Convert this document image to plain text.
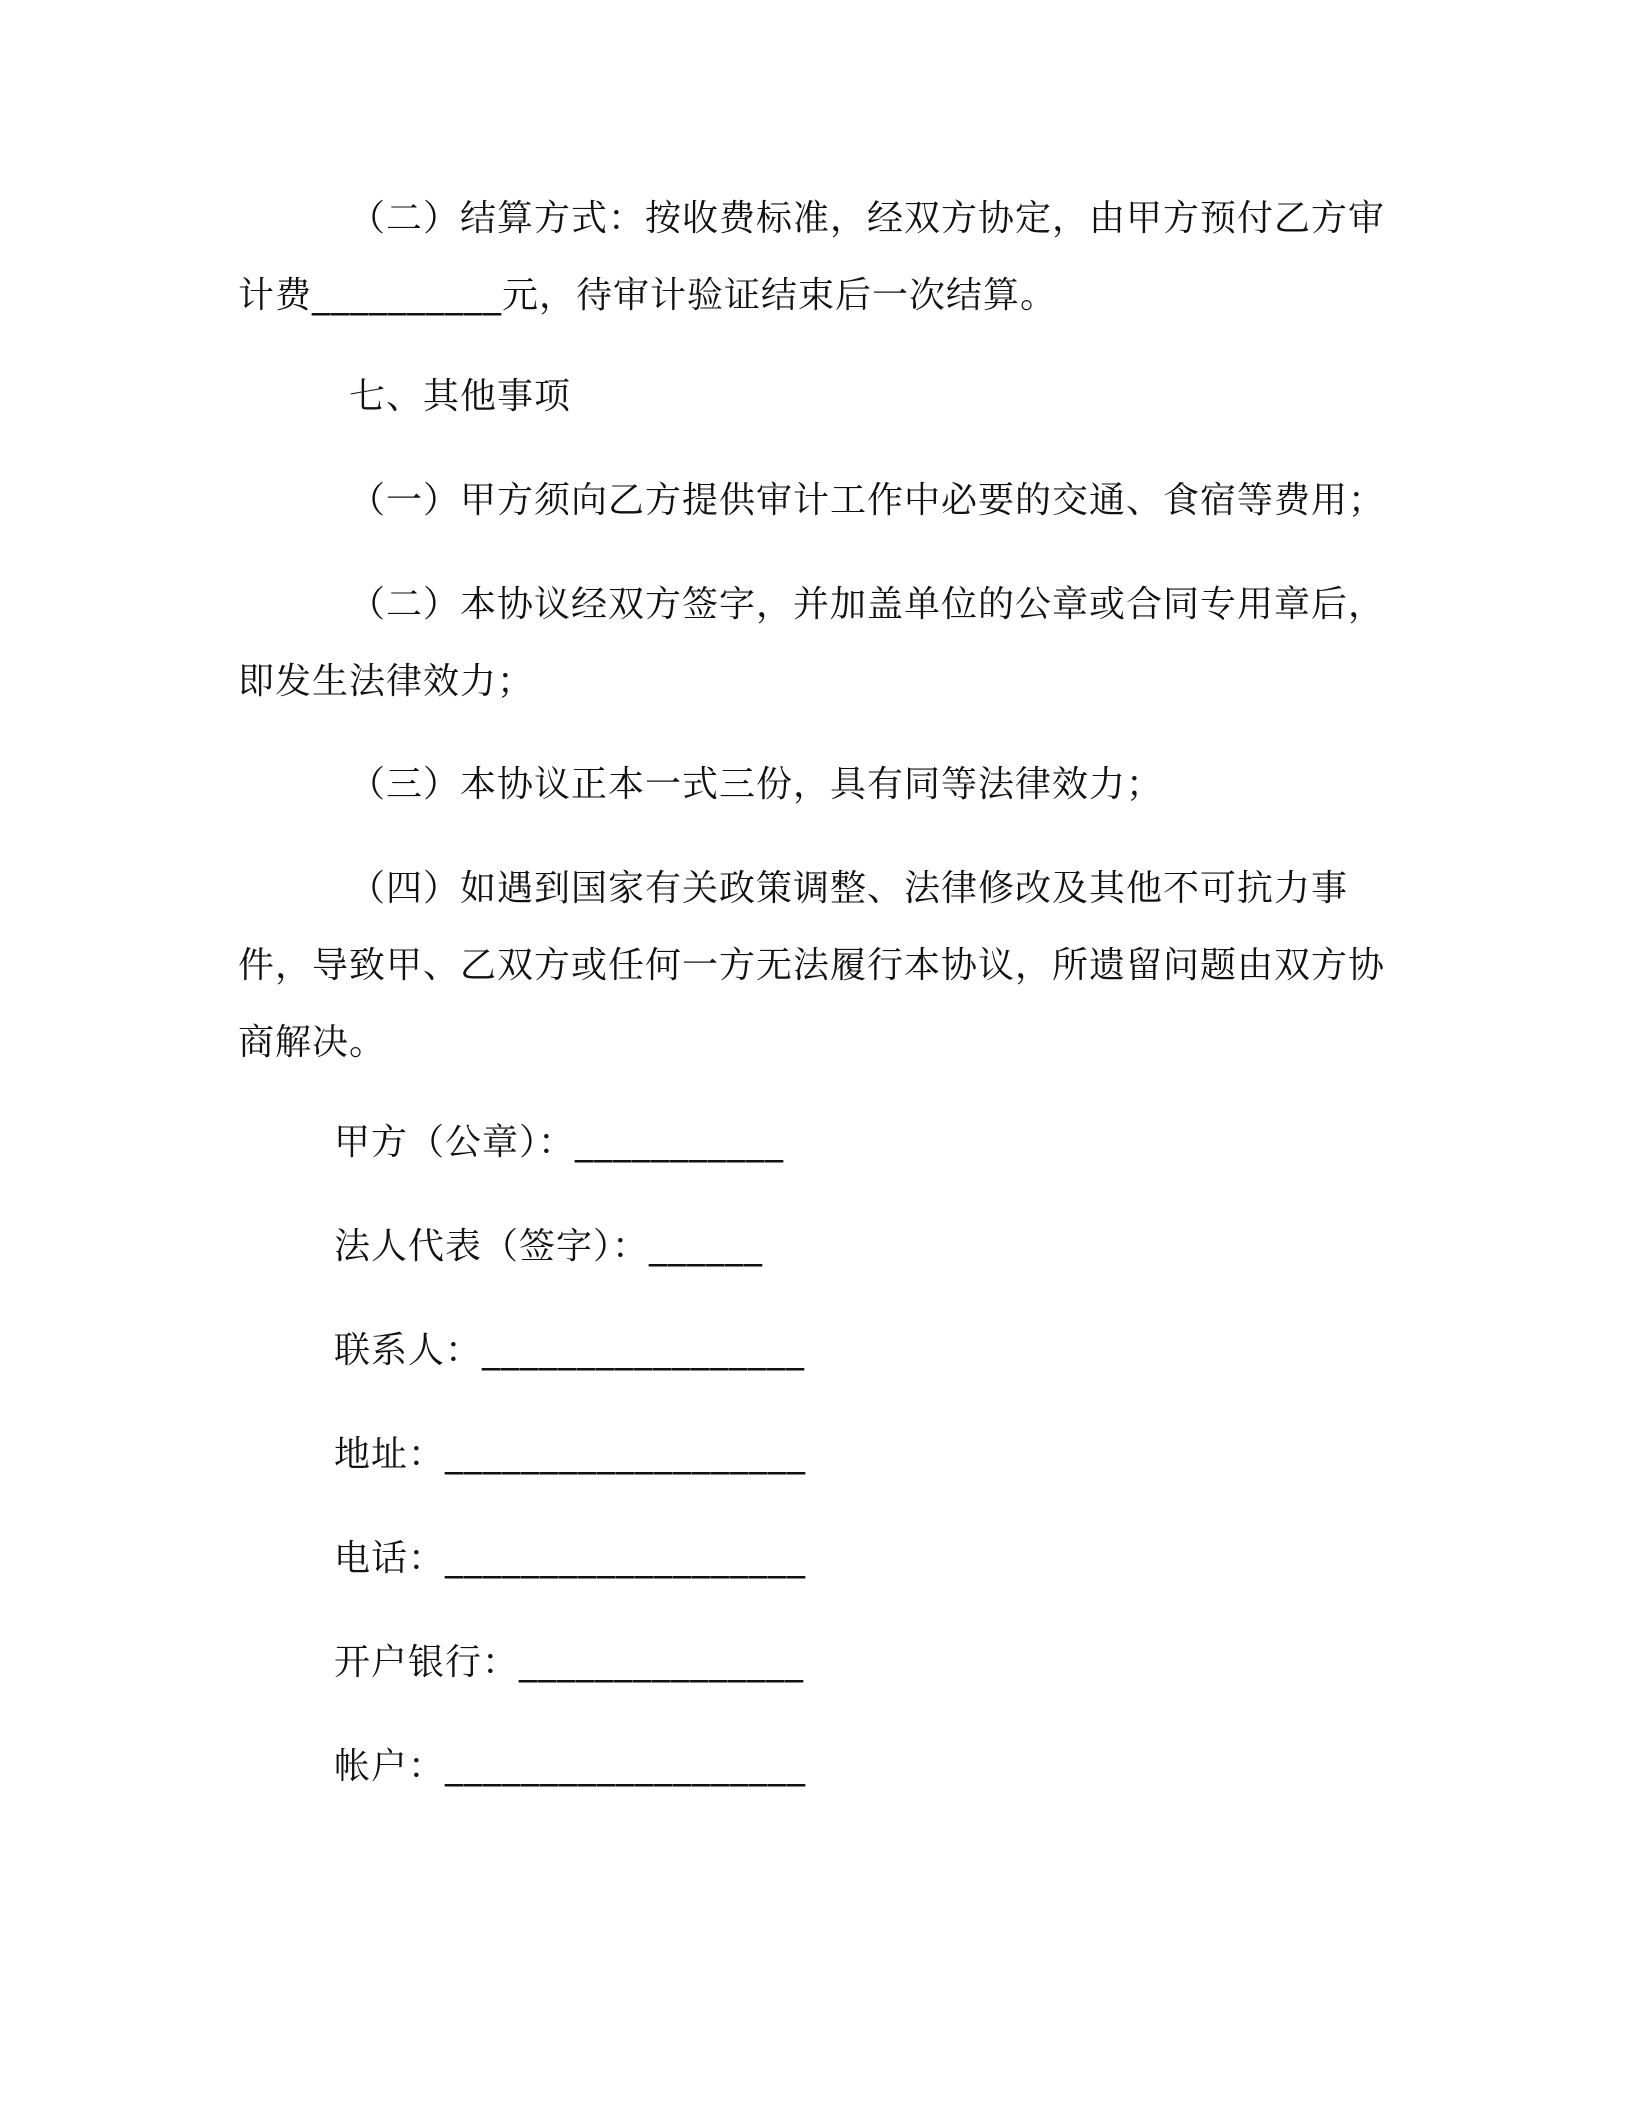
（二）结算方式：按收费标准，经双方协定，由甲方预付乙方审计费__________元，待审计验证结束后一次结算。

七、其他事项

（一）甲方须向乙方提供审计工作中必要的交通、食宿等费用；

（二）本协议经双方签字，并加盖单位的公章或合同专用章后，即发生法律效力；

（三）本协议正本一式三份，具有同等法律效力；

（四）如遇到国家有关政策调整、法律修改及其他不可抗力事件，导致甲、乙双方或任何一方无法履行本协议，所遗留问题由双方协商解决。

甲方（公章）：___________

法人代表（签字）：______

联系人：_________________

地址：___________________

电话：___________________

开户银行：_______________

帐户：___________________
